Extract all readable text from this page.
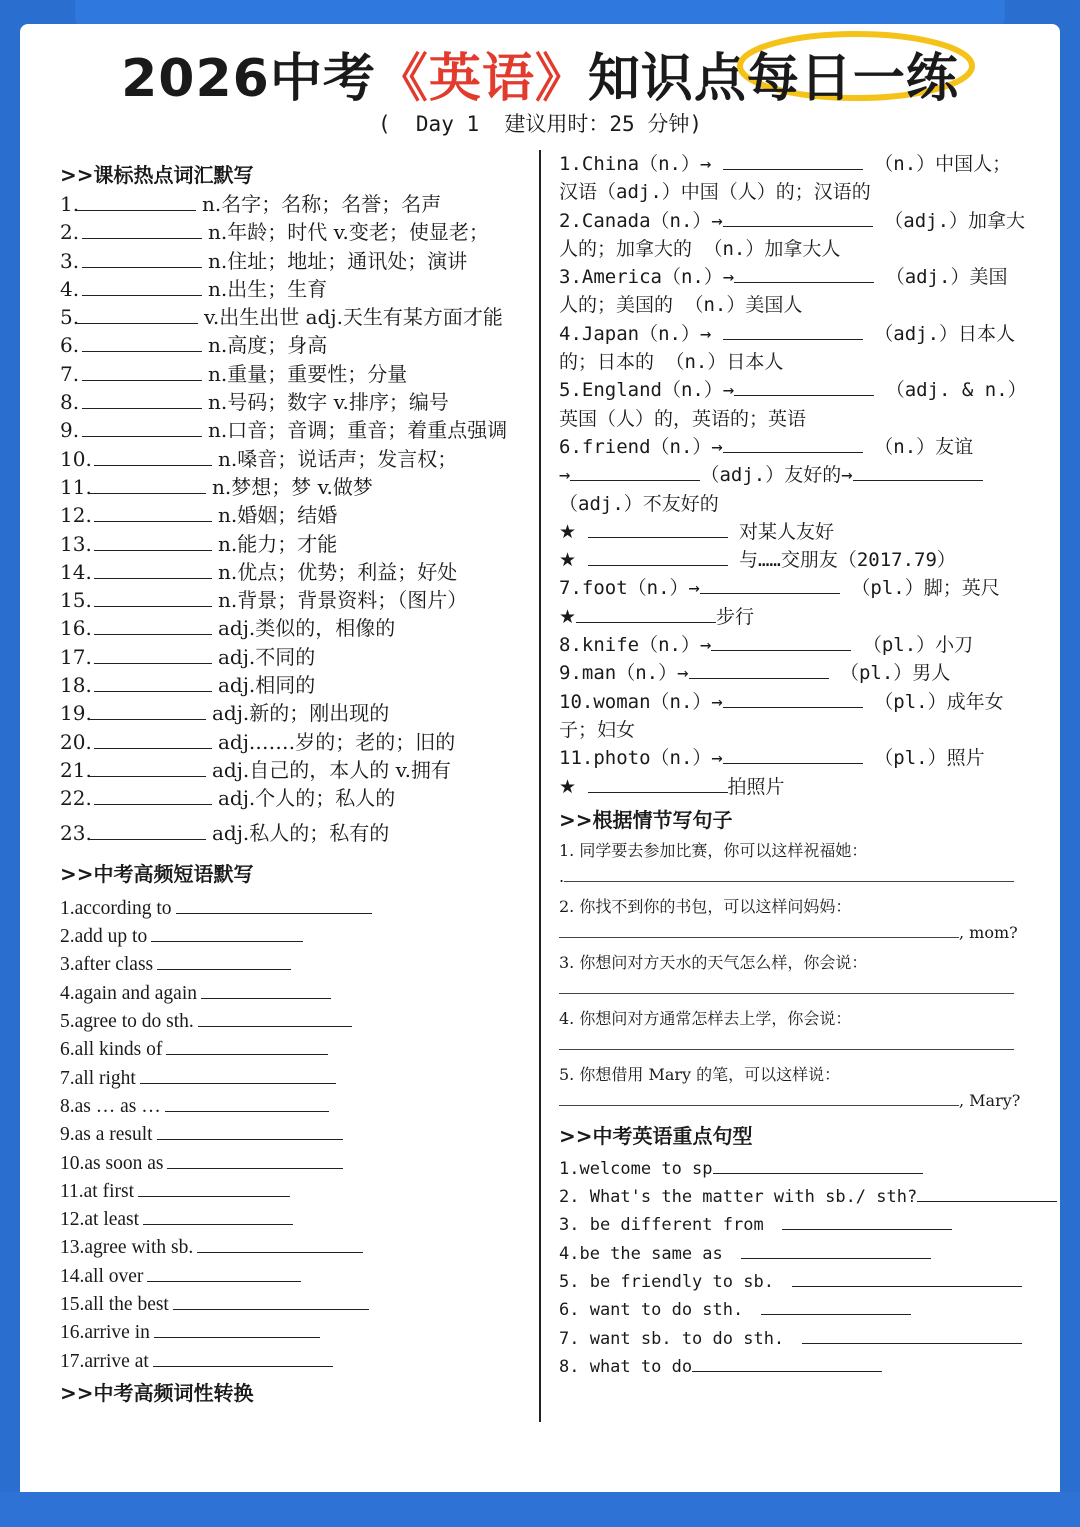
2026中考《英语》知识点
每日一练
(  Day 1  建议用时：25 分钟)
>>课标热点词汇默写
1.	n.名字；名称；名誉；名声
2.	n.年龄；时代 v.变老；使显老；
3.	n.住址；地址；通讯处；演讲
4.	n.出生；生育
5.	v.出生出世 adj.天生有某方面才能
6.	n.高度；身高
7.	n.重量；重要性；分量
8.	n.号码；数字 v.排序；编号
9.	n.口音；音调；重音；着重点强调
10.	n.嗓音；说话声；发言权；
11.	n.梦想；梦 v.做梦
12.	n.婚姻；结婚
13.	n.能力；才能
14.	n.优点；优势；利益；好处
15.	n.背景；背景资料；（图片）
16.	adj.类似的，相像的
17.	adj.不同的
18.	adj.相同的
19.	adj.新的；刚出现的
20.	adj.……岁的；老的；旧的
21.	adj.自己的，本人的 v.拥有
22.	adj.个人的；私人的
23.	adj.私人的；私有的
>>中考高频短语默写
1.according to
2.add up to
3.after class
4.again and again
5.agree to do sth.
6.all kinds of
7.all right
8.as … as …
9.as a result
10.as soon as
11.at first
12.at least
13.agree with sb.
14.all over
15.all the best
16.arrive in
17.arrive at
>>中考高频词性转换
1.China（n.）→	（n.）中国人；
汉语（adj.）中国（人）的；汉语的
2.Canada（n.）→	（adj.）加拿大
人的；加拿大的 （n.）加拿大人
3.America（n.）→	（adj.）美国
人的；美国的 （n.）美国人
4.Japan（n.）→	（adj.）日本人
的；日本的 （n.）日本人
5.England（n.）→	（adj. & n.）
英国（人）的，英语的；英语
6.friend（n.）→	（n.）友谊
→	（adj.）友好的→
（adj.）不友好的
★	对某人友好
★	与……交朋友（2017.79）
7.foot（n.）→	（pl.）脚；英尺
★	步行
8.knife（n.）→	（pl.）小刀
9.man（n.）→	（pl.）男人
10.woman（n.）→	（pl.）成年女
子；妇女
11.photo（n.）→	（pl.）照片
★	拍照片
>>根据情节写句子
1. 同学要去参加比赛，你可以这样祝福她：
.
2. 你找不到你的书包，可以这样问妈妈：
, mom?
3. 你想问对方天水的天气怎么样，你会说：
4. 你想问对方通常怎样去上学，你会说：
5. 你想借用 Mary 的笔，可以这样说：
, Mary?
>>中考英语重点句型
1.welcome to sp
2. What's the matter with sb./ sth?
3. be different from
4.be the same as
5. be friendly to sb.
6. want to do sth.
7. want sb. to do sth.
8. what to do
